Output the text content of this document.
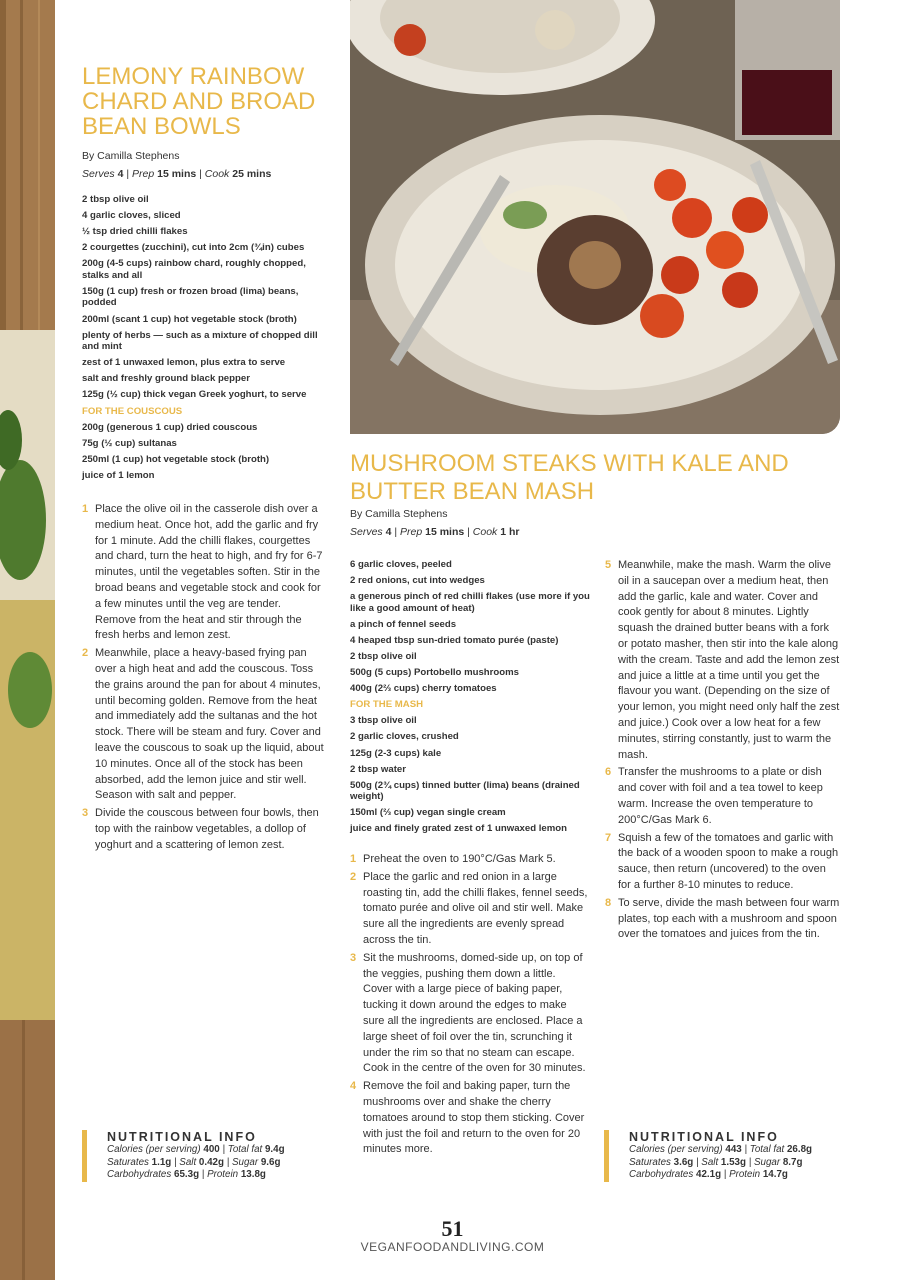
LEMONY RAINBOW CHARD AND BROAD BEAN BOWLS
By Camilla Stephens
Serves 4 | Prep 15 mins | Cook 25 mins
2 tbsp olive oil
4 garlic cloves, sliced
½ tsp dried chilli flakes
2 courgettes (zucchini), cut into 2cm (¾in) cubes
200g (4-5 cups) rainbow chard, roughly chopped, stalks and all
150g (1 cup) fresh or frozen broad (lima) beans, podded
200ml (scant 1 cup) hot vegetable stock (broth)
plenty of herbs — such as a mixture of chopped dill and mint
zest of 1 unwaxed lemon, plus extra to serve
salt and freshly ground black pepper
125g (½ cup) thick vegan Greek yoghurt, to serve
FOR THE COUSCOUS
200g (generous 1 cup) dried couscous
75g (½ cup) sultanas
250ml (1 cup) hot vegetable stock (broth)
juice of 1 lemon
1 Place the olive oil in the casserole dish over a medium heat. Once hot, add the garlic and fry for 1 minute. Add the chilli flakes, courgettes and chard, turn the heat to high, and fry for 6-7 minutes, until the vegetables soften. Stir in the broad beans and vegetable stock and cook for a few minutes until the veg are tender. Remove from the heat and stir through the fresh herbs and lemon zest.
2 Meanwhile, place a heavy-based frying pan over a high heat and add the couscous. Toss the grains around the pan for about 4 minutes, until becoming golden. Remove from the heat and immediately add the sultanas and the hot stock. There will be steam and fury. Cover and leave the couscous to soak up the liquid, about 10 minutes. Once all of the stock has been absorbed, add the lemon juice and stir well. Season with salt and pepper.
3 Divide the couscous between four bowls, then top with the rainbow vegetables, a dollop of yoghurt and a scattering of lemon zest.
NUTRITIONAL INFO
Calories (per serving) 400 | Total fat 9.4g
Saturates 1.1g | Salt 0.42g | Sugar 9.6g
Carbohydrates 65.3g | Protein 13.8g
MUSHROOM STEAKS WITH KALE AND BUTTER BEAN MASH
By Camilla Stephens
Serves 4 | Prep 15 mins | Cook 1 hr
6 garlic cloves, peeled
2 red onions, cut into wedges
a generous pinch of red chilli flakes (use more if you like a good amount of heat)
a pinch of fennel seeds
4 heaped tbsp sun-dried tomato purée (paste)
2 tbsp olive oil
500g (5 cups) Portobello mushrooms
400g (2⅔ cups) cherry tomatoes
FOR THE MASH
3 tbsp olive oil
2 garlic cloves, crushed
125g (2-3 cups) kale
2 tbsp water
500g (2¾ cups) tinned butter (lima) beans (drained weight)
150ml (⅔ cup) vegan single cream
juice and finely grated zest of 1 unwaxed lemon
1 Preheat the oven to 190°C/Gas Mark 5.
2 Place the garlic and red onion in a large roasting tin, add the chilli flakes, fennel seeds, tomato purée and olive oil and stir well. Make sure all the ingredients are evenly spread across the tin.
3 Sit the mushrooms, domed-side up, on top of the veggies, pushing them down a little. Cover with a large piece of baking paper, tucking it down around the edges to make sure all the ingredients are enclosed. Place a large sheet of foil over the tin, scrunching it under the rim so that no steam can escape. Cook in the centre of the oven for 30 minutes.
4 Remove the foil and baking paper, turn the mushrooms over and shake the cherry tomatoes around to stop them sticking. Cover with just the foil and return to the oven for 20 minutes more.
5 Meanwhile, make the mash. Warm the olive oil in a saucepan over a medium heat, then add the garlic, kale and water. Cover and cook gently for about 8 minutes. Lightly squash the drained butter beans with a fork or potato masher, then stir into the kale along with the cream. Taste and add the lemon zest and juice a little at a time until you get the flavour you want. (Depending on the size of your lemon, you might need only half the zest and juice.) Cook over a low heat for a few minutes, stirring constantly, just to warm the mash.
6 Transfer the mushrooms to a plate or dish and cover with foil and a tea towel to keep warm. Increase the oven temperature to 200°C/Gas Mark 6.
7 Squish a few of the tomatoes and garlic with the back of a wooden spoon to make a rough sauce, then return (uncovered) to the oven for a further 8-10 minutes to reduce.
8 To serve, divide the mash between four warm plates, top each with a mushroom and spoon over the tomatoes and juices from the tin.
NUTRITIONAL INFO
Calories (per serving) 443 | Total fat 26.8g
Saturates 3.6g | Salt 1.53g | Sugar 8.7g
Carbohydrates 42.1g | Protein 14.7g
51
VEGANFOODANDLIVING.COM
